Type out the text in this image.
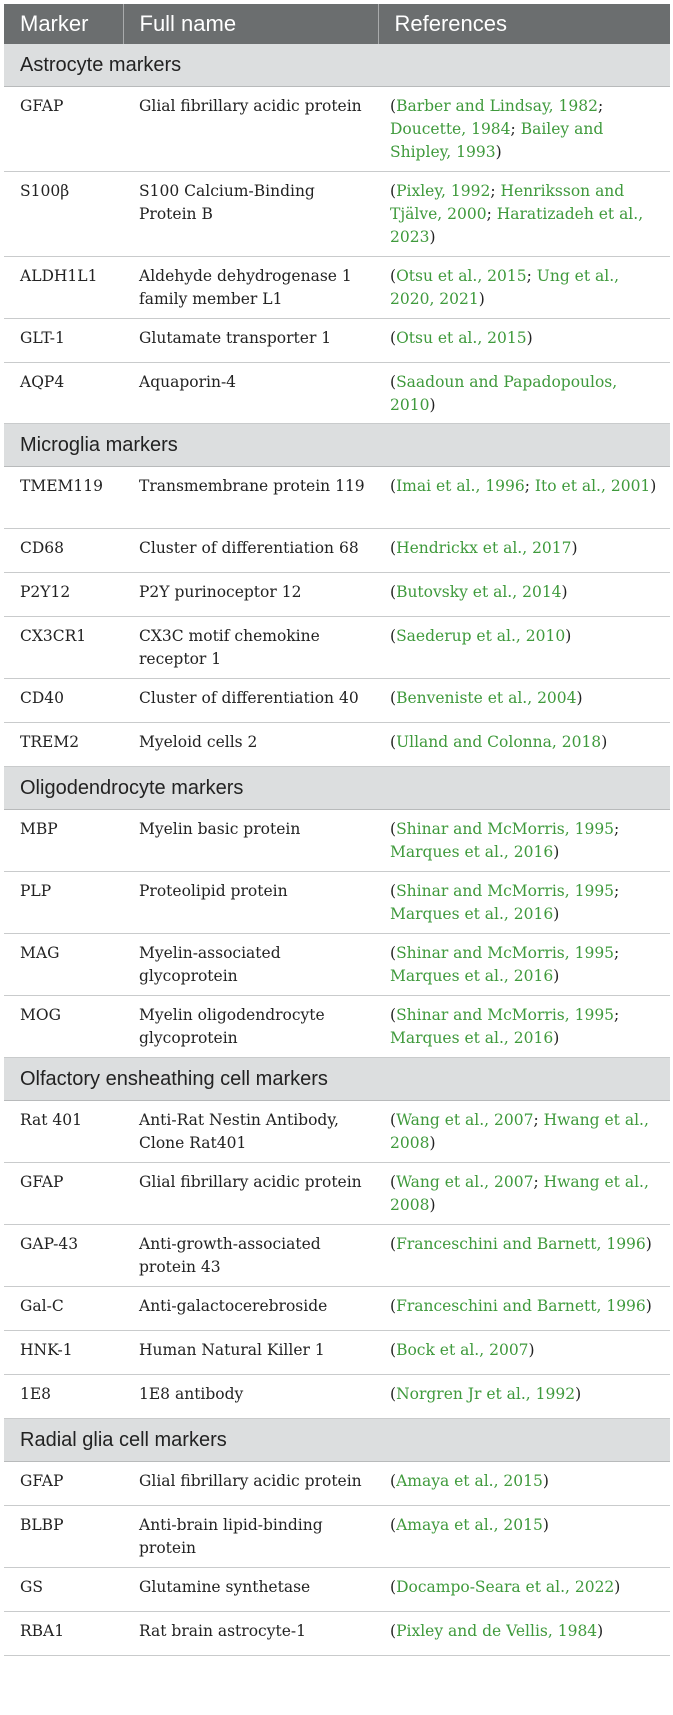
Marker	Full name	References
Astrocyte markers		
GFAP	Glial fibrillary acidic protein	(Barber and Lindsay, 1982; Doucette, 1984; Bailey and Shipley, 1993)
S100β	S100 Calcium-Binding Protein B	(Pixley, 1992; Henriksson and Tjälve, 2000; Haratizadeh et al., 2023)
ALDH1L1	Aldehyde dehydrogenase 1 family member L1	(Otsu et al., 2015; Ung et al., 2020, 2021)
GLT-1	Glutamate transporter 1	(Otsu et al., 2015)
AQP4	Aquaporin-4	(Saadoun and Papadopoulos, 2010)
Microglia markers		
TMEM119	Transmembrane protein 119	(Imai et al., 1996; Ito et al., 2001)
CD68	Cluster of differentiation 68	(Hendrickx et al., 2017)
P2Y12	P2Y purinoceptor 12	(Butovsky et al., 2014)
CX3CR1	CX3C motif chemokine receptor 1	(Saederup et al., 2010)
CD40	Cluster of differentiation 40	(Benveniste et al., 2004)
TREM2	Myeloid cells 2	(Ulland and Colonna, 2018)
Oligodendrocyte markers		
MBP	Myelin basic protein	(Shinar and McMorris, 1995; Marques et al., 2016)
PLP	Proteolipid protein	(Shinar and McMorris, 1995; Marques et al., 2016)
MAG	Myelin-associated glycoprotein	(Shinar and McMorris, 1995; Marques et al., 2016)
MOG	Myelin oligodendrocyte glycoprotein	(Shinar and McMorris, 1995; Marques et al., 2016)
Olfactory ensheathing cell markers		
Rat 401	Anti-Rat Nestin Antibody, Clone Rat401	(Wang et al., 2007; Hwang et al., 2008)
GFAP	Glial fibrillary acidic protein	(Wang et al., 2007; Hwang et al., 2008)
GAP-43	Anti-growth-associated protein 43	(Franceschini and Barnett, 1996)
Gal-C	Anti-galactocerebroside	(Franceschini and Barnett, 1996)
HNK-1	Human Natural Killer 1	(Bock et al., 2007)
1E8	1E8 antibody	(Norgren Jr et al., 1992)
Radial glia cell markers		
GFAP	Glial fibrillary acidic protein	(Amaya et al., 2015)
BLBP	Anti-brain lipid-binding protein	(Amaya et al., 2015)
GS	Glutamine synthetase	(Docampo-Seara et al., 2022)
RBA1	Rat brain astrocyte-1	(Pixley and de Vellis, 1984)
